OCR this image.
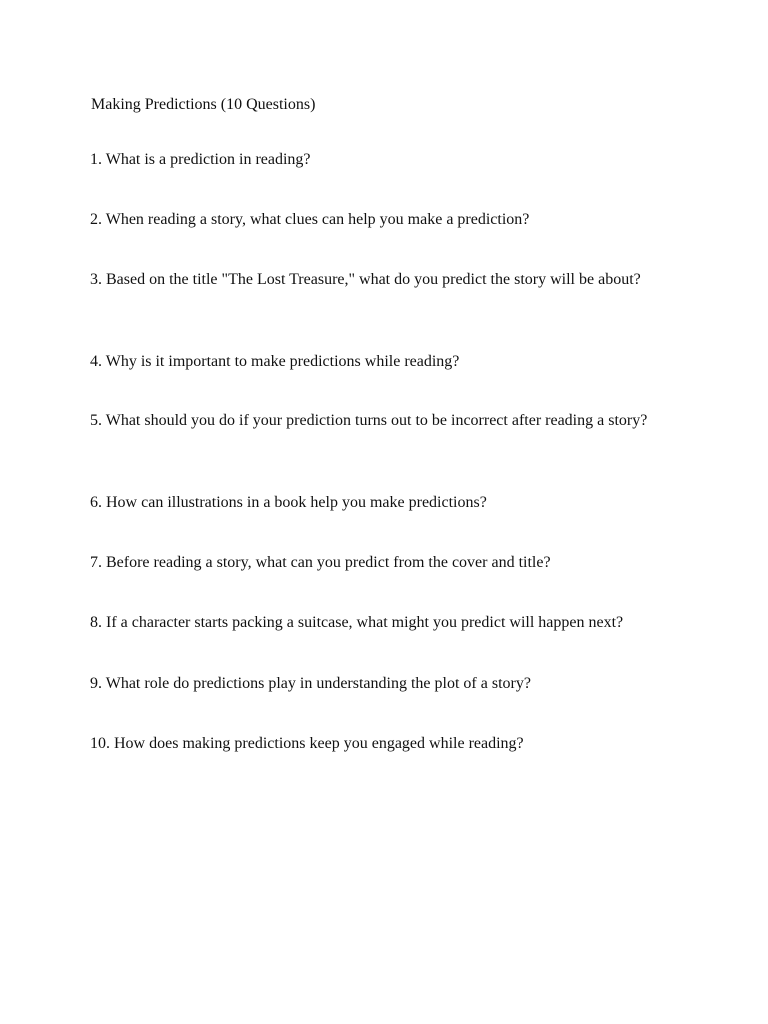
Making Predictions (10 Questions)

1. What is a prediction in reading?

2. When reading a story, what clues can help you make a prediction?

3. Based on the title "The Lost Treasure," what do you predict the story will be about?

4. Why is it important to make predictions while reading?

5. What should you do if your prediction turns out to be incorrect after reading a story?

6. How can illustrations in a book help you make predictions?

7. Before reading a story, what can you predict from the cover and title?

8. If a character starts packing a suitcase, what might you predict will happen next?

9. What role do predictions play in understanding the plot of a story?

10. How does making predictions keep you engaged while reading?
